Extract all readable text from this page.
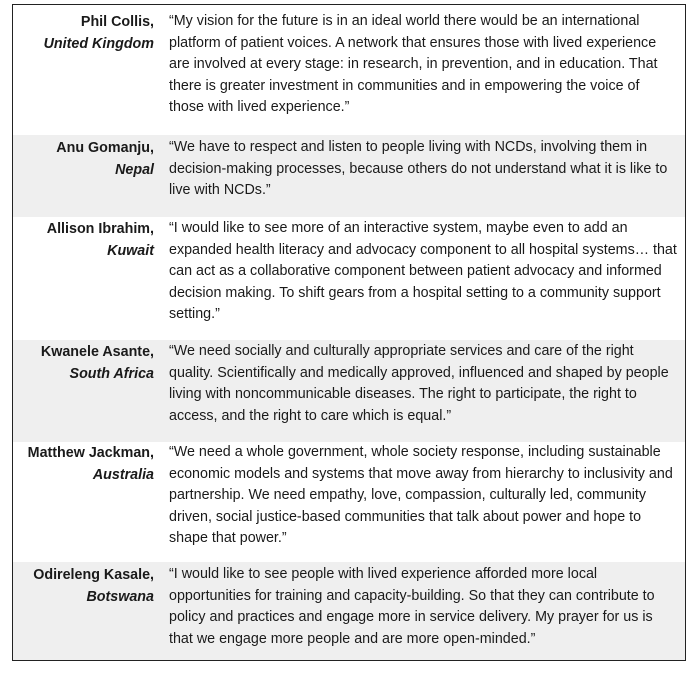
Phil Collis,
United Kingdom
“My vision for the future is in an ideal world there would be an international platform of patient voices. A network that ensures those with lived experience are involved at every stage: in research, in prevention, and in education. That there is greater investment in communities and in empowering the voice of those with lived experience.”
Anu Gomanju,
Nepal
“We have to respect and listen to people living with NCDs, involving them in decision-making processes, because others do not understand what it is like to live with NCDs.”
Allison Ibrahim,
Kuwait
“I would like to see more of an interactive system, maybe even to add an expanded health literacy and advocacy component to all hospital systems… that can act as a collaborative component between patient advocacy and informed decision making. To shift gears from a hospital setting to a community support setting.”
Kwanele Asante,
South Africa
“We need socially and culturally appropriate services and care of the right quality. Scientifically and medically approved, influenced and shaped by people living with noncommunicable diseases. The right to participate, the right to access, and the right to care which is equal.”
Matthew Jackman,
Australia
“We need a whole government, whole society response, including sustainable economic models and systems that move away from hierarchy to inclusivity and partnership. We need empathy, love, compassion, culturally led, community driven, social justice-based communities that talk about power and hope to shape that power.”
Odireleng Kasale,
Botswana
“I would like to see people with lived experience afforded more local opportunities for training and capacity-building. So that they can contribute to policy and practices and engage more in service delivery. My prayer for us is that we engage more people and are more open-minded.”
